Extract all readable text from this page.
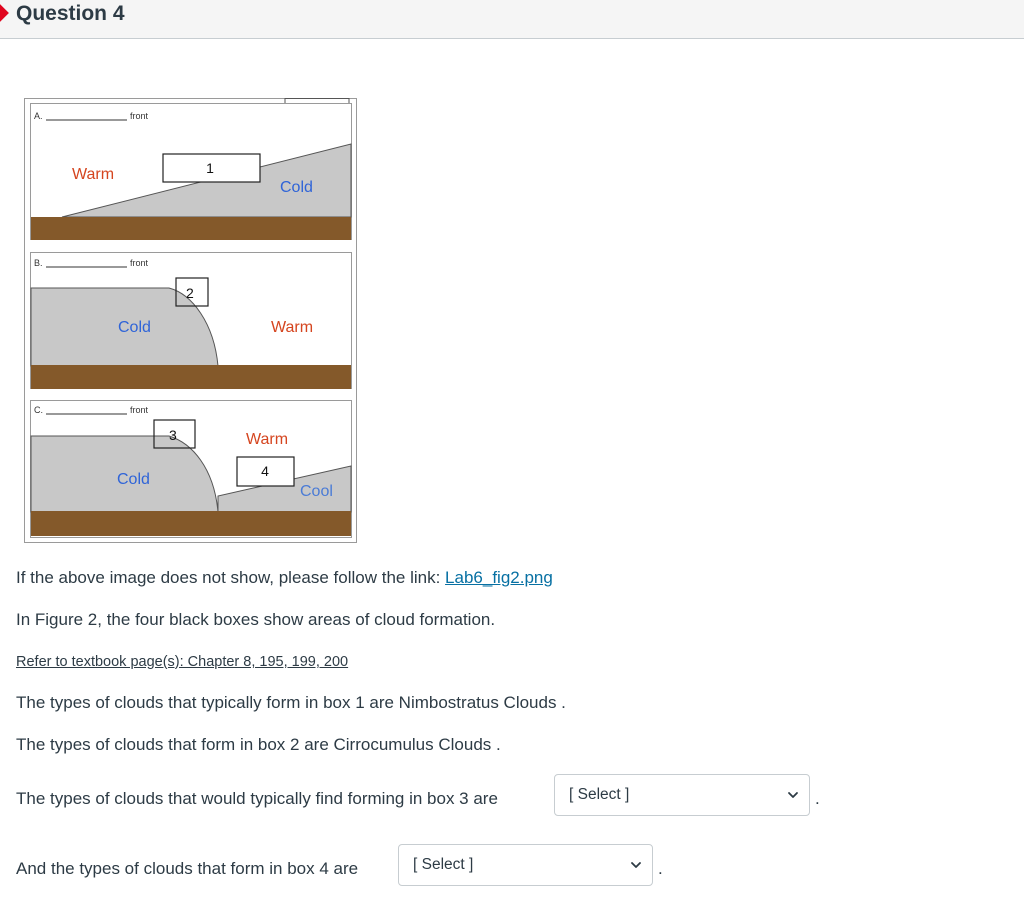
Question 4
A.	front
Warm
Cold
1
B.	front
Cold	Warm
2
C.	front
Cold
Warm
Cool
3
4
If the above image does not show, please follow the link: Lab6_fig2.png
In Figure 2, the four black boxes show areas of cloud formation.
Refer to textbook page(s): Chapter 8, 195, 199, 200
The types of clouds that typically form in box 1 are Nimbostratus Clouds .
The types of clouds that form in box 2 are Cirrocumulus Clouds .
The types of clouds that would typically find forming in box 3 are	[ Select ]	.
And the types of clouds that form in box 4 are	[ Select ]	.
